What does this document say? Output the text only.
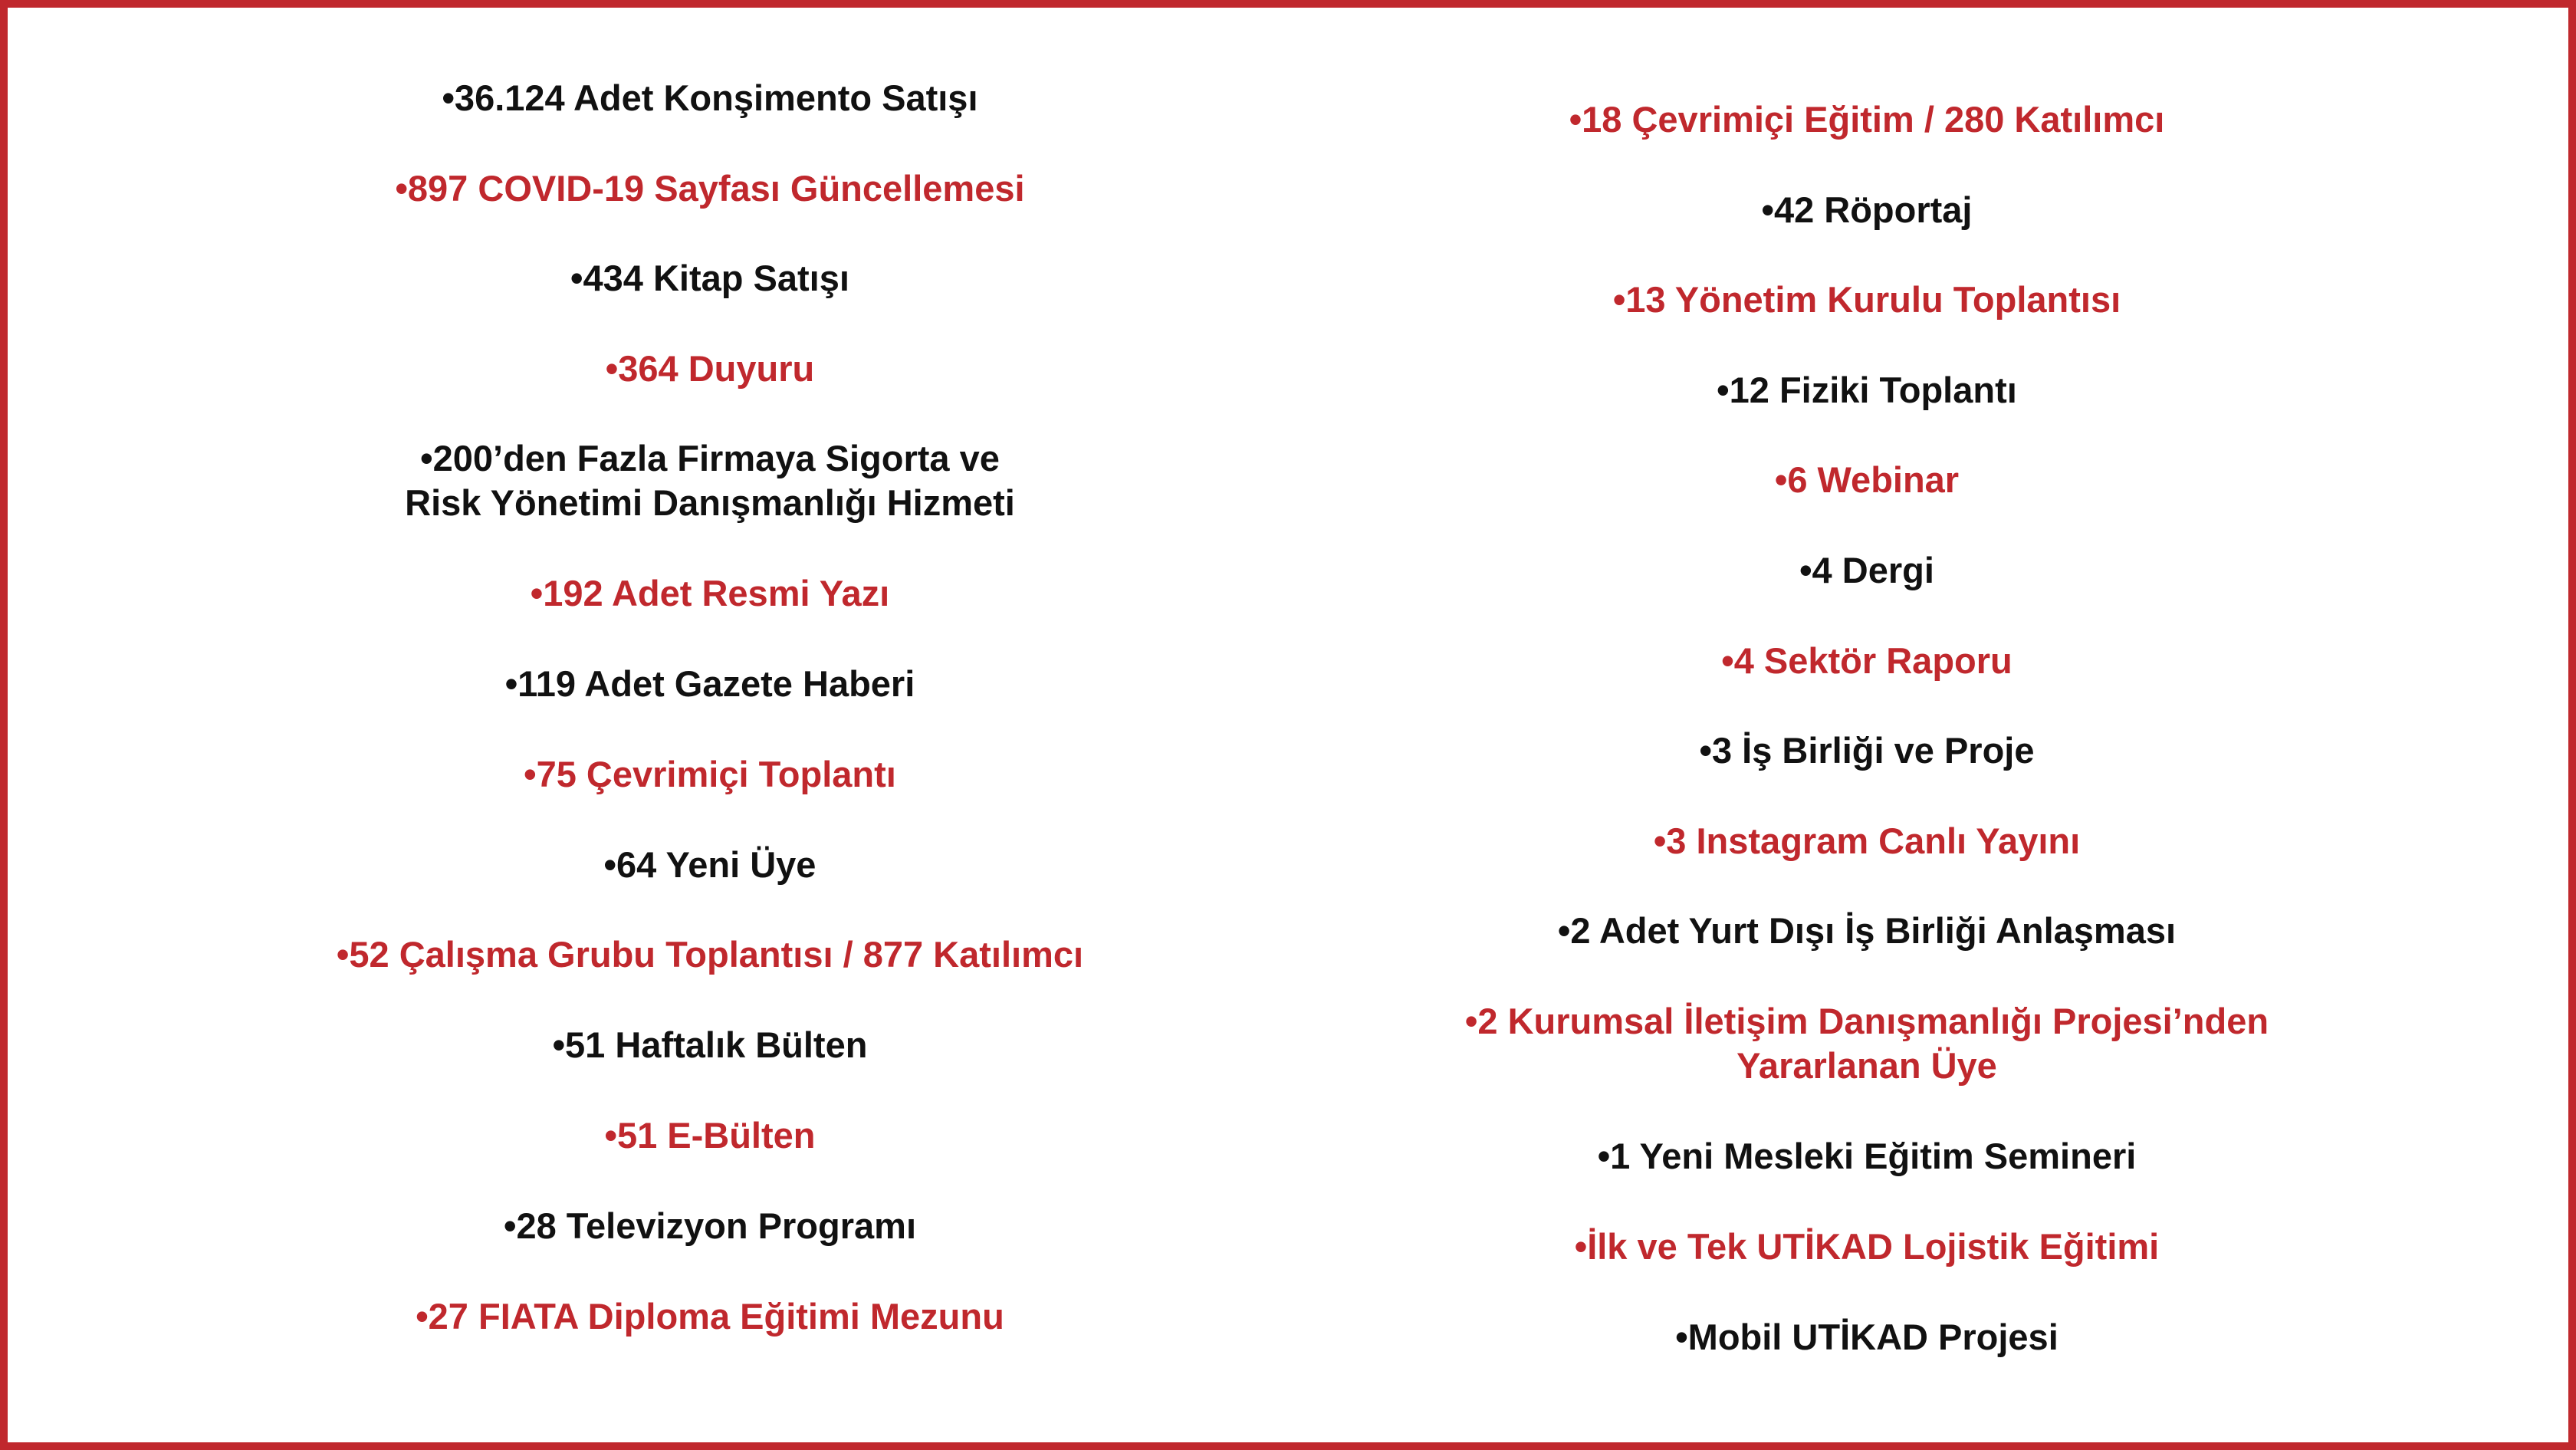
•36.124 Adet Konşimento Satışı
•897 COVID-19 Sayfası Güncellemesi
•434 Kitap Satışı
•364 Duyuru
•200’den Fazla Firmaya Sigorta ve
Risk Yönetimi Danışmanlığı Hizmeti
•192 Adet Resmi Yazı
•119 Adet Gazete Haberi
•75 Çevrimiçi Toplantı
•64 Yeni Üye
•52 Çalışma Grubu Toplantısı / 877 Katılımcı
•51 Haftalık Bülten
•51 E-Bülten
•28 Televizyon Programı
•27 FIATA Diploma Eğitimi Mezunu
•18 Çevrimiçi Eğitim / 280 Katılımcı
•42 Röportaj
•13 Yönetim Kurulu Toplantısı
•12 Fiziki Toplantı
•6 Webinar
•4 Dergi
•4 Sektör Raporu
•3 İş Birliği ve Proje
•3 Instagram Canlı Yayını
•2 Adet Yurt Dışı İş Birliği Anlaşması
•2 Kurumsal İletişim Danışmanlığı Projesi’nden
Yararlanan Üye
•1 Yeni Mesleki Eğitim Semineri
•İlk ve Tek UTİKAD Lojistik Eğitimi
•Mobil UTİKAD Projesi
